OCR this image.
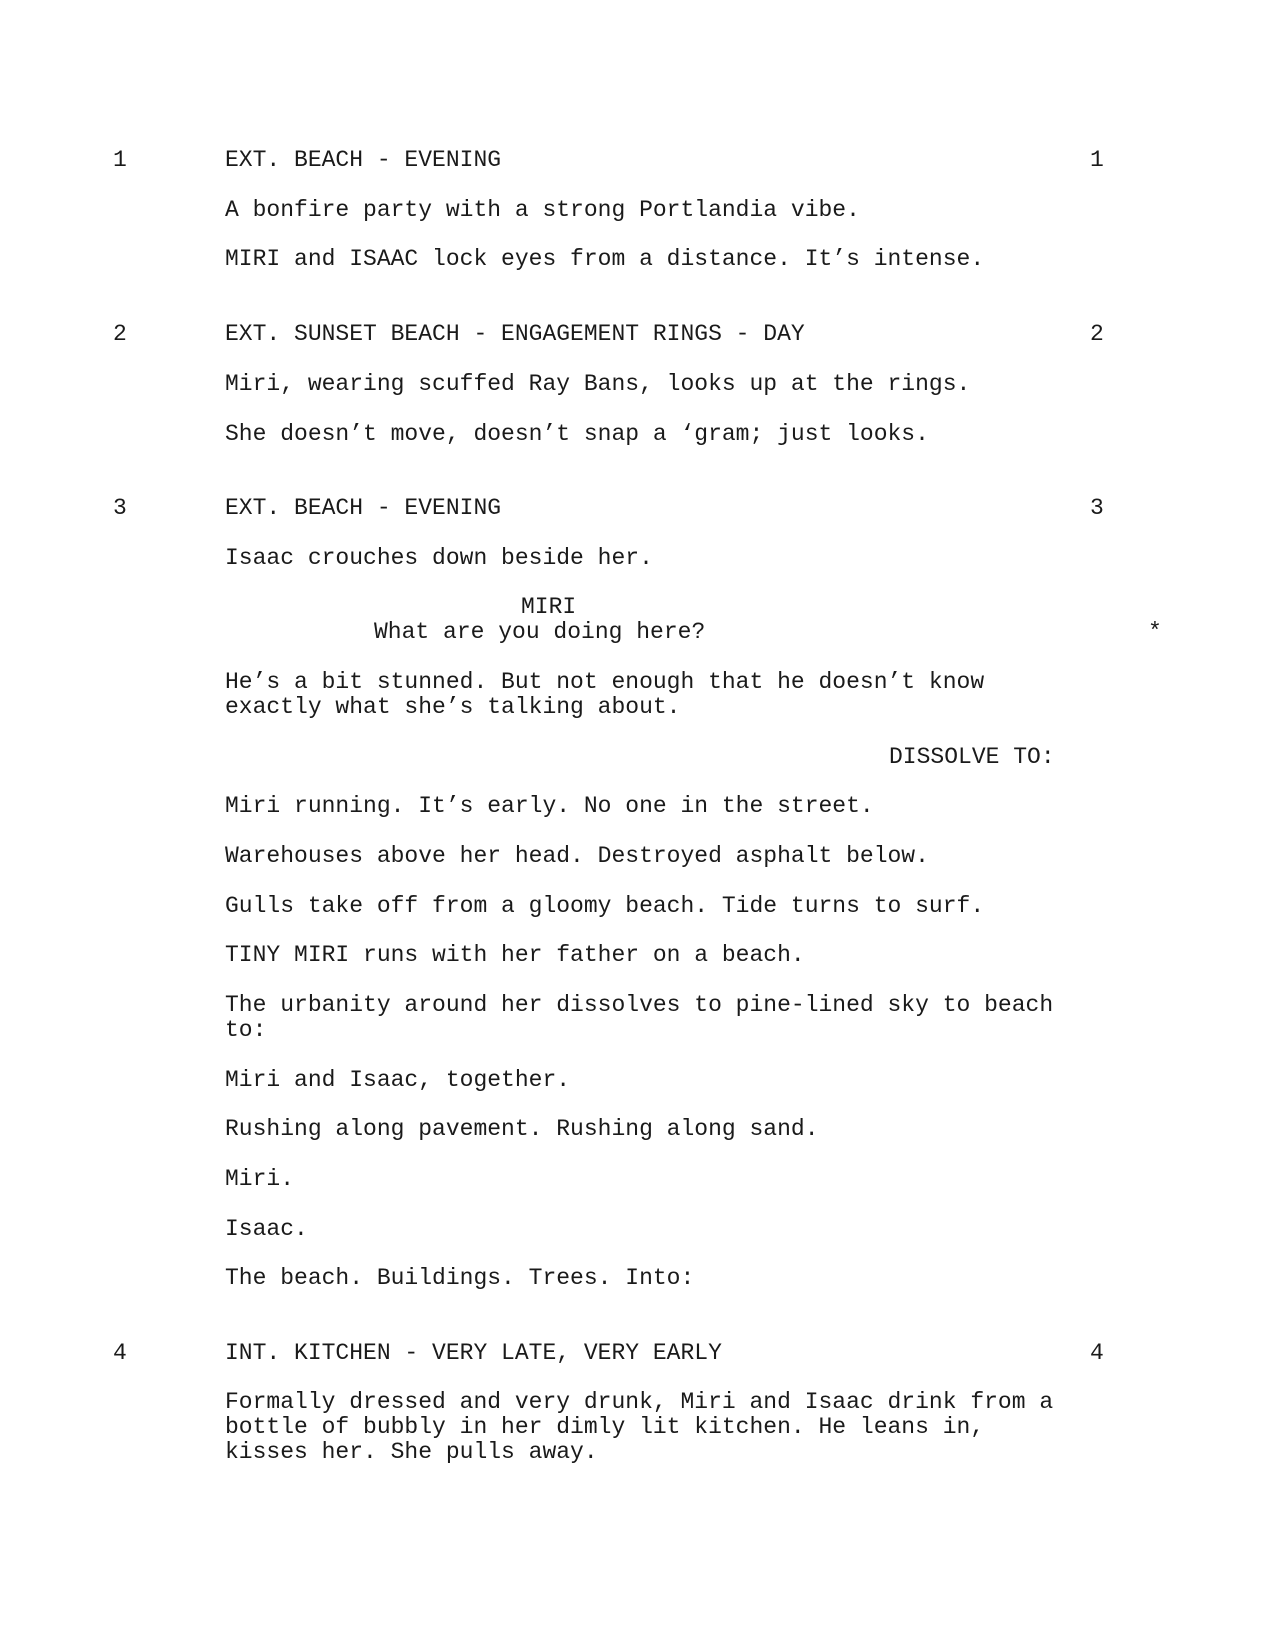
1	EXT. BEACH - EVENING	1
A bonfire party with a strong Portlandia vibe.
MIRI and ISAAC lock eyes from a distance. It’s intense.
2	EXT. SUNSET BEACH - ENGAGEMENT RINGS - DAY	2
Miri, wearing scuffed Ray Bans, looks up at the rings.
She doesn’t move, doesn’t snap a ‘gram; just looks.
3	EXT. BEACH - EVENING	3
Isaac crouches down beside her.
MIRI
What are you doing here?	*
He’s a bit stunned. But not enough that he doesn’t know
exactly what she’s talking about.
DISSOLVE TO:
Miri running. It’s early. No one in the street.
Warehouses above her head. Destroyed asphalt below.
Gulls take off from a gloomy beach. Tide turns to surf.
TINY MIRI runs with her father on a beach.
The urbanity around her dissolves to pine-lined sky to beach
to:
Miri and Isaac, together.
Rushing along pavement. Rushing along sand.
Miri.
Isaac.
The beach. Buildings. Trees. Into:
4	INT. KITCHEN - VERY LATE, VERY EARLY	4
Formally dressed and very drunk, Miri and Isaac drink from a
bottle of bubbly in her dimly lit kitchen. He leans in,
kisses her. She pulls away.
